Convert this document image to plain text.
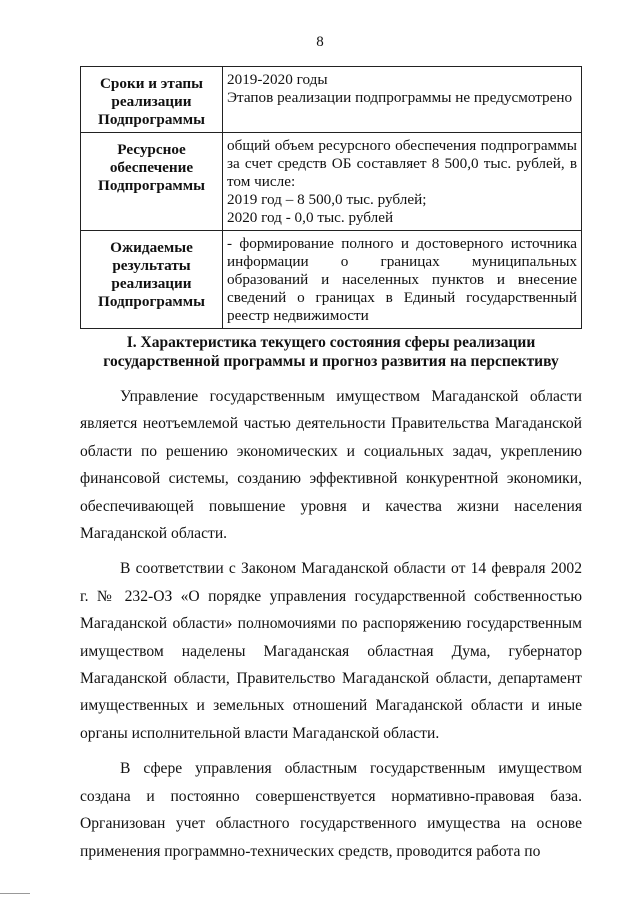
8
Сроки и этапы
реализации
Подпрограммы	2019-2020 годы
Этапов реализации подпрограммы не предусмотрено

Ресурсное
обеспечение
Подпрограммы	общий объем ресурсного обеспечения подпрограммы за счет средств ОБ составляет 8 500,0 тыс. рублей, в том числе:
2019 год – 8 500,0 тыс. рублей;
2020 год - 0,0 тыс. рублей

Ожидаемые
результаты
реализации
Подпрограммы	- формирование полного и достоверного источника информации о границах муниципальных образований и населенных пунктов и внесение сведений о границах в Единый государственный реестр недвижимости
I. Характеристика текущего состояния сферы реализации
государственной программы и прогноз развития на перспективу

Управление государственным имуществом Магаданской области является неотъемлемой частью деятельности Правительства Магаданской области по решению экономических и социальных задач, укреплению финансовой системы, созданию эффективной конкурентной экономики, обеспечивающей повышение уровня и качества жизни населения Магаданской области.

В соответствии с Законом Магаданской области от 14 февраля 2002 г. № 232-ОЗ «О порядке управления государственной собственностью Магаданской области» полномочиями по распоряжению государственным имуществом наделены Магаданская областная Дума, губернатор Магаданской области, Правительство Магаданской области, департамент имущественных и земельных отношений Магаданской области и иные органы исполнительной власти Магаданской области.

В сфере управления областным государственным имуществом создана и постоянно совершенствуется нормативно-правовая база. Организован учет областного государственного имущества на основе применения программно-технических средств, проводится работа по
